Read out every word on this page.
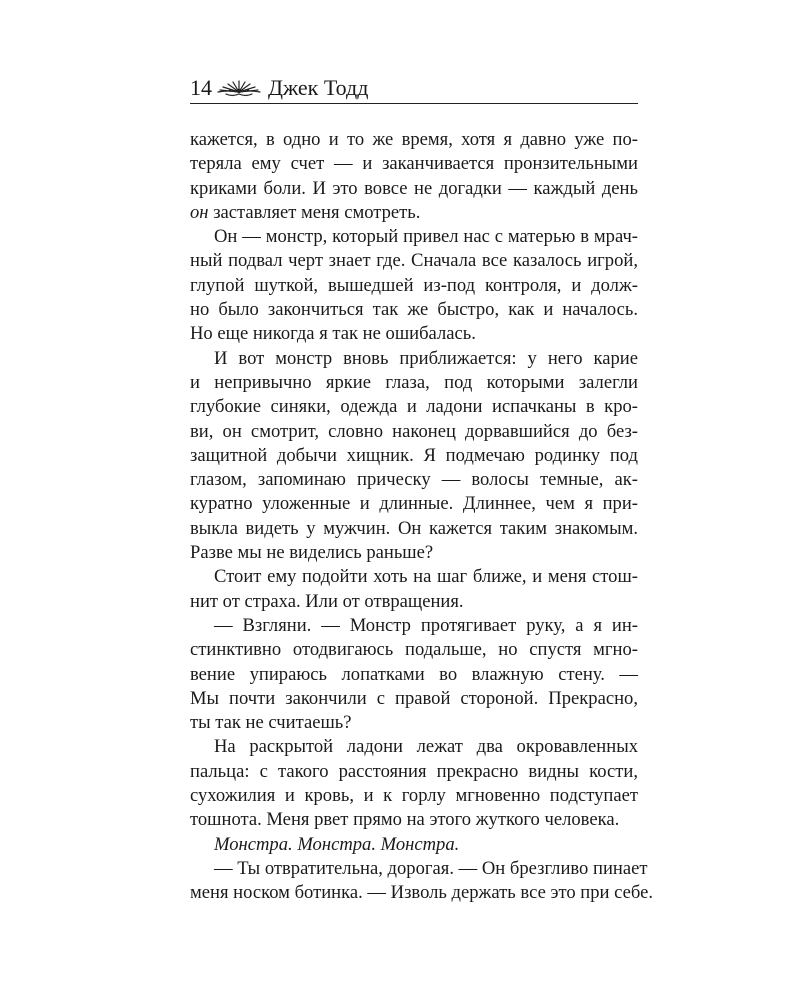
14	Джек Тодд
кажется, в одно и то же время, хотя я давно уже по-
теряла ему счет — и заканчивается пронзительными
криками боли. И это вовсе не догадки — каждый день
он заставляет меня смотреть.
Он — монстр, который привел нас с матерью в мрач-
ный подвал черт знает где. Сначала все казалось игрой,
глупой шуткой, вышедшей из-под контроля, и долж-
но было закончиться так же быстро, как и началось.
Но еще никогда я так не ошибалась.
И вот монстр вновь приближается: у него карие
и непривычно яркие глаза, под которыми залегли
глубокие синяки, одежда и ладони испачканы в кро-
ви, он смотрит, словно наконец дорвавшийся до без-
защитной добычи хищник. Я подмечаю родинку под
глазом, запоминаю прическу — волосы темные, ак-
куратно уложенные и длинные. Длиннее, чем я при-
выкла видеть у мужчин. Он кажется таким знакомым.
Разве мы не виделись раньше?
Стоит ему подойти хоть на шаг ближе, и меня стош-
нит от страха. Или от отвращения.
— Взгляни. — Монстр протягивает руку, а я ин-
стинктивно отодвигаюсь подальше, но спустя мгно-
вение упираюсь лопатками во влажную стену. —
Мы почти закончили с правой стороной. Прекрасно,
ты так не считаешь?
На раскрытой ладони лежат два окровавленных
пальца: с такого расстояния прекрасно видны кости,
сухожилия и кровь, и к горлу мгновенно подступает
тошнота. Меня рвет прямо на этого жуткого человека.
Монстра. Монстра. Монстра.
— Ты отвратительна, дорогая. — Он брезгливо пинает
меня носком ботинка. — Изволь держать все это при себе.
